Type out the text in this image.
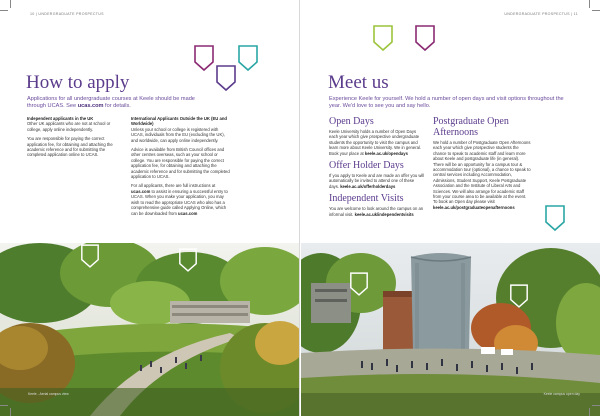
10 | UNDERGRADUATE PROSPECTUS
How to apply
Applications for all undergraduate courses at Keele should be made through UCAS. See ucas.com for details.

Independent applicants in the UK
Other UK applicants who are not at school or college, apply online independently.

You are responsible for paying the correct application fee, for obtaining and attaching the academic reference and for submitting the completed application online to UCAS.

International Applicants Outside the UK (EU and Worldwide)
Unless your school or college is registered with UCAS, individuals from the EU (excluding the UK), and worldwide, can apply online independently.

Advice is available from British Council offices and other centres overseas, such as your school or college. You are responsible for paying the correct application fee, for obtaining and attaching the academic reference and for submitting the completed application to UCAS.

For all applicants, there are full instructions at ucas.com to assist in ensuring a successful entry to UCAS. When you make your application, you may wish to read the appropriate UCAS who also has a comprehensive guide called Applying Online, which can be downloaded from ucas.com

Keele - Aerial campus view
UNDERGRADUATE PROSPECTUS | 11
Meet us
Experience Keele for yourself. We hold a number of open days and visit options throughout the year. We'd love to see you and say hello.
Open Days

Keele University holds a number of Open Days each year which give prospective undergraduate students the opportunity to visit the campus and learn more about Keele University. We in general. Book your place at keele.ac.uk/opendays

Offer Holder Days

If you apply to Keele and are made an offer you will automatically be invited to attend one of these days. keele.ac.uk/offerholderdays

Independent Visits

You are welcome to look around the campus on an informal visit. keele.ac.uk/independentvisits

Postgraduate Open Afternoons

We hold a number of Postgraduate Open Afternoons each year which give prospective students the chance to speak to academic staff and learn more about Keele and postgraduate life (in general). There will be an opportunity for a campus tour & accommodation tour (optional), a chance to speak to central services including Accommodation, Admissions, Student Support, Keele Postgraduate Association and the Institute of Liberal Arts and Sciences. We will also arrange for academic staff from your course area to be available at the event. To book an Open day please visit keele.ac.uk/postgraduateopenafternoons

Keele campus open day
